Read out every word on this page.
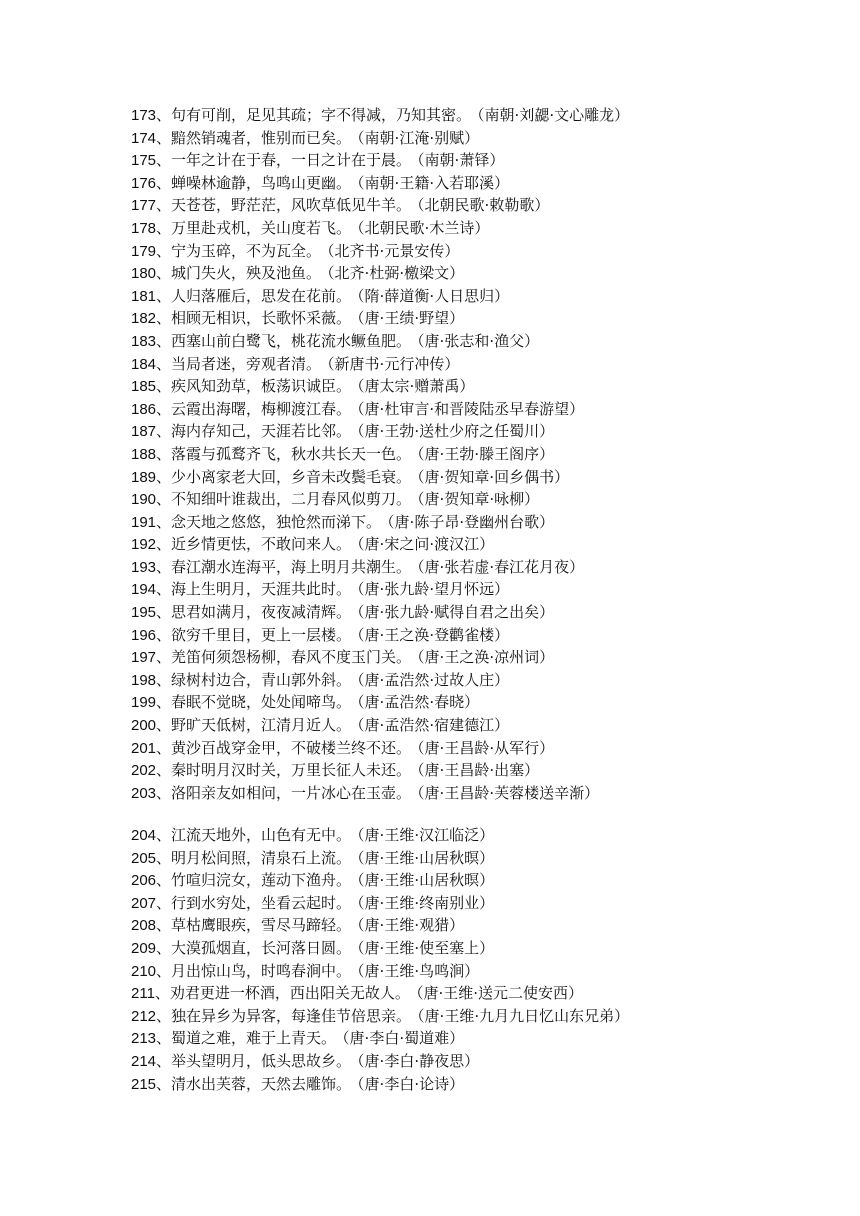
173、句有可削，足见其疏；字不得减，乃知其密。 （南朝·刘勰·文心雕龙）
174、黯然销魂者，惟别而已矣。 （南朝·江淹·别赋）
175、一年之计在于春，一日之计在于晨。 （南朝·萧铎）
176、蝉噪林逾静，鸟鸣山更幽。 （南朝·王籍·入若耶溪）
177、天苍苍，野茫茫，风吹草低见牛羊。 （北朝民歌·敕勒歌）
178、万里赴戎机，关山度若飞。 （北朝民歌·木兰诗）
179、宁为玉碎，不为瓦全。 （北齐书·元景安传）
180、城门失火，殃及池鱼。 （北齐·杜弼·檄梁文）
181、人归落雁后，思发在花前。 （隋·薛道衡·人日思归）
182、相顾无相识，长歌怀采薇。 （唐·王绩·野望）
183、西塞山前白鹭飞，桃花流水鳜鱼肥。 （唐·张志和·渔父）
184、当局者迷，旁观者清。 （新唐书·元行冲传）
185、疾风知劲草，板荡识诚臣。 （唐太宗·赠萧禹）
186、云霞出海曙，梅柳渡江春。 （唐·杜审言·和晋陵陆丞早春游望）
187、海内存知己，天涯若比邻。 （唐·王勃·送杜少府之任蜀川）
188、落霞与孤鹜齐飞，秋水共长天一色。 （唐·王勃·滕王阁序）
189、少小离家老大回，乡音未改鬓毛衰。 （唐·贺知章·回乡偶书）
190、不知细叶谁裁出，二月春风似剪刀。 （唐·贺知章·咏柳）
191、念天地之悠悠，独怆然而涕下。 （唐·陈子昂·登幽州台歌）
192、近乡情更怯，不敢问来人。 （唐·宋之问·渡汉江）
193、春江潮水连海平，海上明月共潮生。 （唐·张若虚·春江花月夜）
194、海上生明月，天涯共此时。 （唐·张九龄·望月怀远）
195、思君如满月，夜夜减清辉。 （唐·张九龄·赋得自君之出矣）
196、欲穷千里目，更上一层楼。 （唐·王之涣·登鹳雀楼）
197、羌笛何须怨杨柳，春风不度玉门关。 （唐·王之涣·凉州词）
198、绿树村边合，青山郭外斜。 （唐·孟浩然·过故人庄）
199、春眠不觉晓，处处闻啼鸟。 （唐·孟浩然·春晓）
200、野旷天低树，江清月近人。 （唐·孟浩然·宿建德江）
201、黄沙百战穿金甲，不破楼兰终不还。 （唐·王昌龄·从军行）
202、秦时明月汉时关，万里长征人未还。 （唐·王昌龄·出塞）
203、洛阳亲友如相问，一片冰心在玉壶。 （唐·王昌龄·芙蓉楼送辛渐）
204、江流天地外，山色有无中。 （唐·王维·汉江临泛）
205、明月松间照，清泉石上流。 （唐·王维·山居秋暝）
206、竹喧归浣女，莲动下渔舟。 （唐·王维·山居秋暝）
207、行到水穷处，坐看云起时。 （唐·王维·终南别业）
208、草枯鹰眼疾，雪尽马蹄轻。 （唐·王维·观猎）
209、大漠孤烟直，长河落日圆。 （唐·王维·使至塞上）
210、月出惊山鸟，时鸣春涧中。 （唐·王维·鸟鸣涧）
211、劝君更进一杯酒，西出阳关无故人。 （唐·王维·送元二使安西）
212、独在异乡为异客，每逢佳节倍思亲。 （唐·王维·九月九日忆山东兄弟）
213、蜀道之难，难于上青天。 （唐·李白·蜀道难）
214、举头望明月，低头思故乡。 （唐·李白·静夜思）
215、清水出芙蓉，天然去雕饰。 （唐·李白·论诗）
